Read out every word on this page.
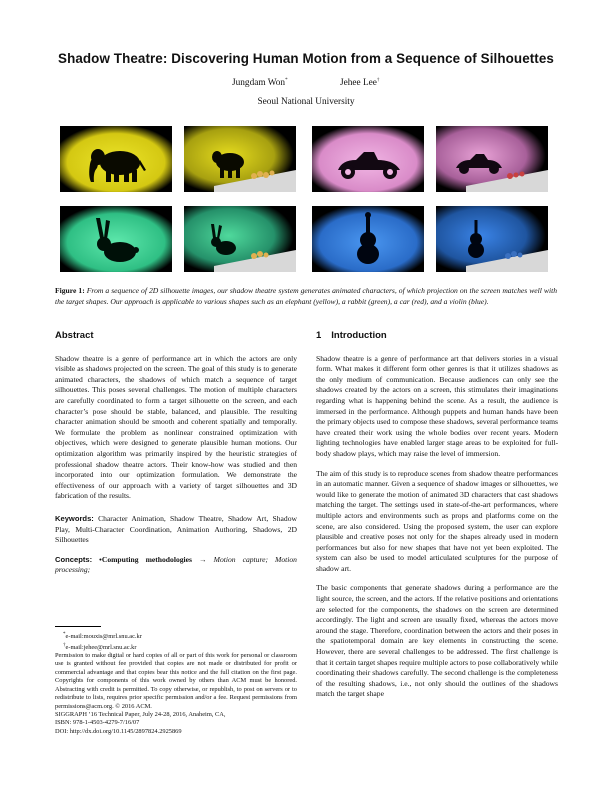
Shadow Theatre: Discovering Human Motion from a Sequence of Silhouettes
Jungdam Won*	Jehee Lee†
Seoul National University
Figure 1: From a sequence of 2D silhouette images, our shadow theatre system generates animated characters, of which projection on the screen matches well with the target shapes. Our approach is applicable to various shapes such as an elephant (yellow), a rabbit (green), a car (red), and a violin (blue).
Abstract

Shadow theatre is a genre of performance art in which the actors are only visible as shadows projected on the screen. The goal of this study is to generate animated characters, the shadows of which match a sequence of target silhouettes. This poses several challenges. The motion of multiple characters are carefully coordinated to form a target silhouette on the screen, and each character’s pose should be stable, balanced, and plausible. The resulting character animation should be smooth and coherent spatially and temporally. We formulate the problem as nonlinear constrained optimization with objectives, which were designed to generate plausible human motions. Our optimization algorithm was primarily inspired by the heuristic strategies of professional shadow theatre actors. Their know-how was studied and then incorporated into our optimization formulation. We demonstrate the effectiveness of our approach with a variety of target silhouettes and 3D fabrication of the results.

Keywords: Character Animation, Shadow Theatre, Shadow Art, Shadow Play, Multi-Character Coordination, Animation Authoring, Shadows, 2D Silhouettes

Concepts: •Computing methodologies → Motion capture; Motion processing;

*e-mail:mouxis@mrl.snu.ac.kr

†e-mail:jehee@mrl.snu.ac.kr

Permission to make digital or hard copies of all or part of this work for personal or classroom use is granted without fee provided that copies are not made or distributed for profit or commercial advantage and that copies bear this notice and the full citation on the first page. Copyrights for components of this work owned by others than ACM must be honored. Abstracting with credit is permitted. To copy otherwise, or republish, to post on servers or to redistribute to lists, requires prior specific permission and/or a fee. Request permissions from permissions@acm.org. © 2016 ACM.

SIGGRAPH ’16 Technical Paper, July 24-28, 2016, Anaheim, CA,

ISBN: 978-1-4503-4279-7/16/07

DOI: http://dx.doi.org/10.1145/2897824.2925869

1 Introduction

Shadow theatre is a genre of performance art that delivers stories in a visual form. What makes it different form other genres is that it utilizes shadows as the only medium of communication. Because audiences can only see the shadows created by the actors on a screen, this stimulates their imaginations regarding what is happening behind the scene. As a result, the audience is immersed in the performance. Although puppets and human hands have been the primary objects used to compose these shadows, several performance teams have created their work using the whole bodies over recent years. Modern lighting technologies have enabled larger stage areas to be exploited for full-body shadow plays, which may raise the level of immersion.

The aim of this study is to reproduce scenes from shadow theatre performances in an automatic manner. Given a sequence of shadow images or silhouettes, we would like to generate the motion of animated 3D characters that cast shadows matching the target. The settings used in state-of-the-art performances, where multiple actors and environments such as props and platforms come on the scene, are also considered. Using the proposed system, the user can explore plausible and creative poses not only for the shapes already used in modern performances but also for new shapes that have not yet been exploited. The system can also be used to model articulated sculptures for the purpose of shadow art.

The basic components that generate shadows during a performance are the light source, the screen, and the actors. If the relative positions and orientations are selected for the components, the shadows on the screen are determined accordingly. The light and screen are usually fixed, whereas the actors move around the stage. Therefore, coordination between the actors and their poses in the spatiotemporal domain are key elements in constructing the scene. However, there are several challenges to be addressed. The first challenge is that it certain target shapes require multiple actors to pose collaboratively while coordinating their shadows carefully. The second challenge is the completeness of the resulting shadows, i.e., not only should the outlines of the shadows match the target shape
